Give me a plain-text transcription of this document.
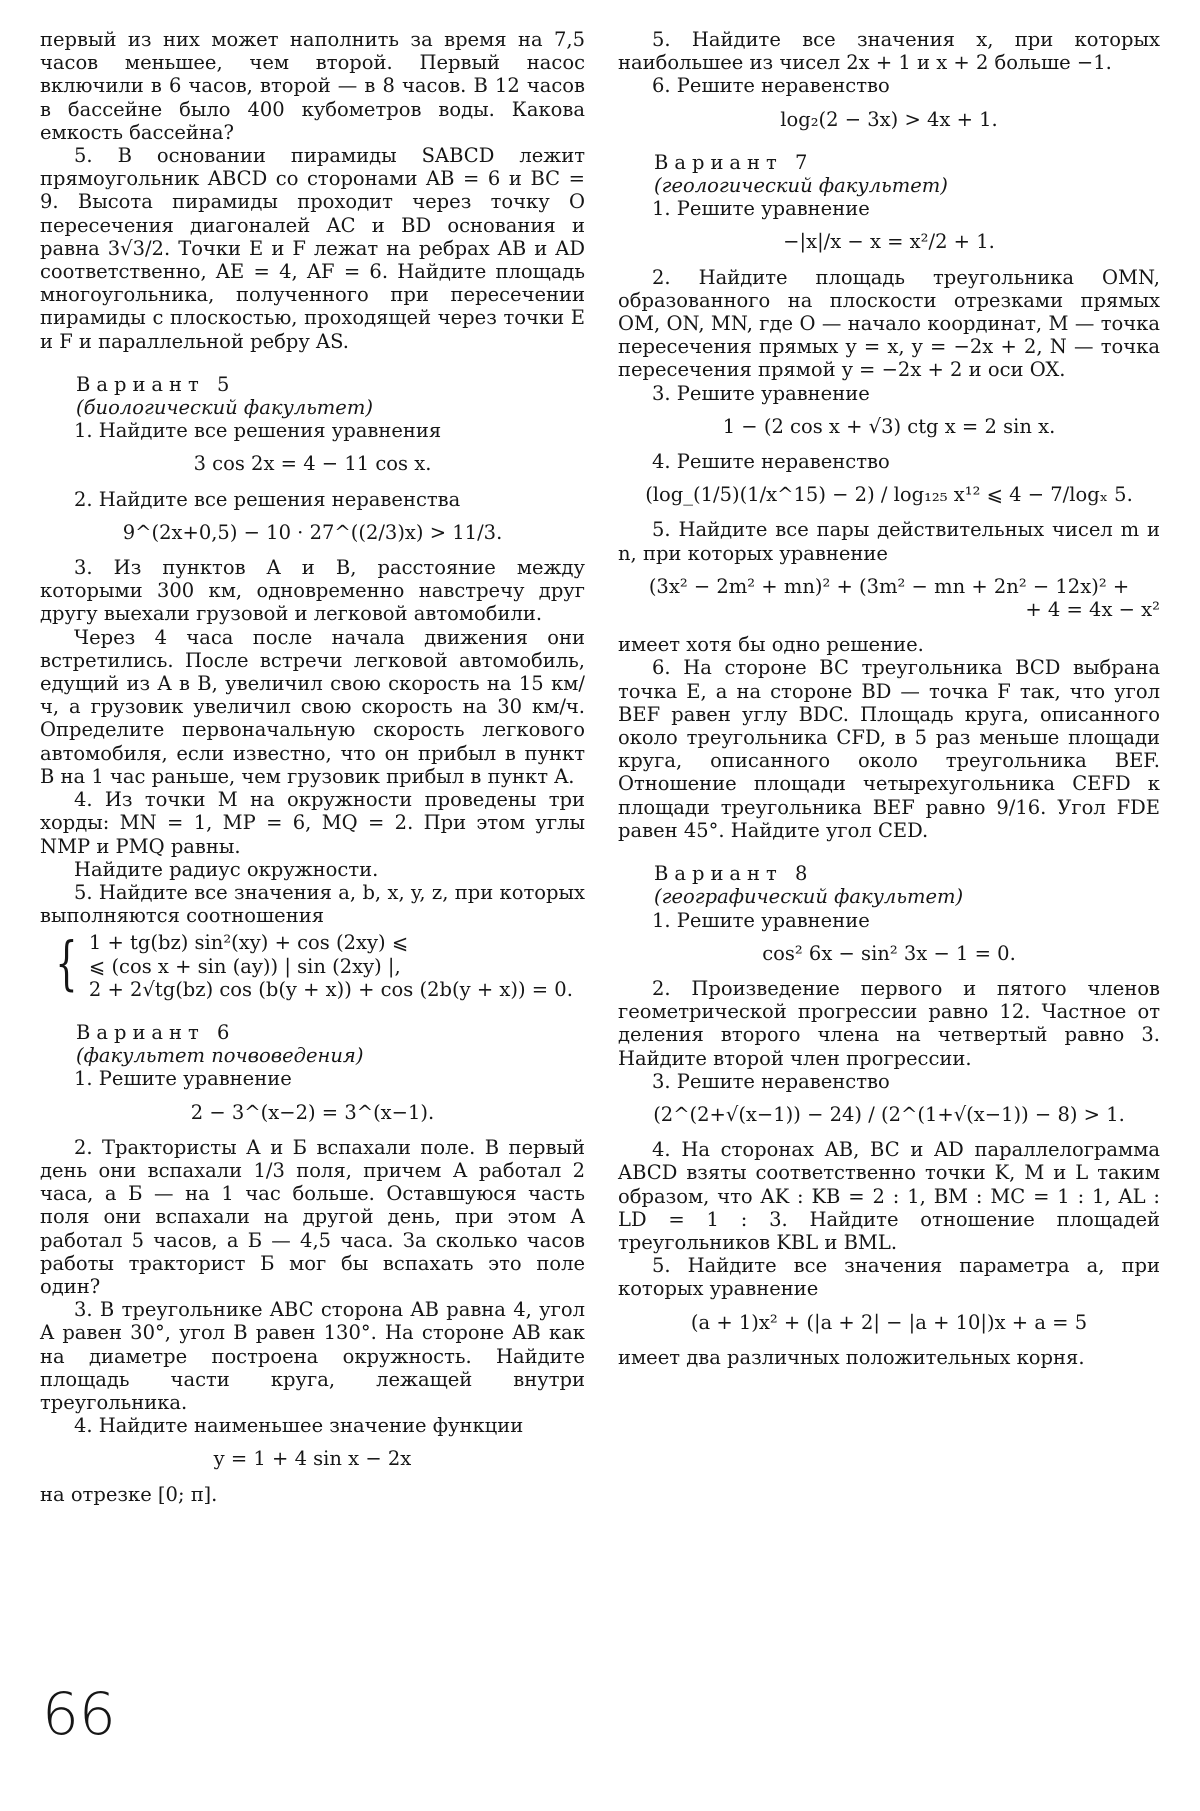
первый из них может наполнить за время на 7,5 часов меньшее, чем второй. Первый насос включили в 6 часов, второй — в 8 часов. В 12 часов в бассейне было 400 кубометров воды. Какова емкость бассейна?

5. В основании пирамиды SABCD лежит прямоугольник ABCD со сторонами AB = 6 и BC = 9. Высота пирамиды проходит через точку O пересечения диагоналей AC и BD основания и равна 3√3/2. Точки E и F лежат на ребрах AB и AD соответственно, AE = 4, AF = 6. Найдите площадь многоугольника, полученного при пересечении пирамиды с плоскостью, проходящей через точки E и F и параллельной ребру AS.

Вариант 5
(биологический факультет)

1. Найдите все решения уравнения

3 cos 2x = 4 − 11 cos x.

2. Найдите все решения неравенства

9^(2x+0,5) − 10 · 27^((2/3)x) > 11/3.

3. Из пунктов A и B, расстояние между которыми 300 км, одновременно навстречу друг другу выехали грузовой и легковой автомобили.

Через 4 часа после начала движения они встретились. После встречи легковой автомобиль, едущий из A в B, увеличил свою скорость на 15 км/ч, а грузовик увеличил свою скорость на 30 км/ч. Определите первоначальную скорость легкового автомобиля, если известно, что он прибыл в пункт B на 1 час раньше, чем грузовик прибыл в пункт A.

4. Из точки M на окружности проведены три хорды: MN = 1, MP = 6, MQ = 2. При этом углы NMP и PMQ равны.

Найдите радиус окружности.

5. Найдите все значения a, b, x, y, z, при которых выполняются соотношения

{ 1 + tg(bz) sin²(xy) + cos (2xy) ⩽
⩽ (cos x + sin (ay)) | sin (2xy) |,
2 + 2√tg(bz) cos (b(y + x)) + cos (2b(y + x)) = 0.
Вариант 6
(факультет почвоведения)

1. Решите уравнение

2 − 3^(x−2) = 3^(x−1).

2. Трактористы А и Б вспахали поле. В первый день они вспахали 1/3 поля, причем А работал 2 часа, а Б — на 1 час больше. Оставшуюся часть поля они вспахали на другой день, при этом А работал 5 часов, а Б — 4,5 часа. За сколько часов работы тракторист Б мог бы вспахать это поле один?

3. В треугольнике ABC сторона AB равна 4, угол A равен 30°, угол B равен 130°. На стороне AB как на диаметре построена окружность. Найдите площадь части круга, лежащей внутри треугольника.

4. Найдите наименьшее значение функции

y = 1 + 4 sin x − 2x

на отрезке [0; π].

5. Найдите все значения x, при которых наибольшее из чисел 2x + 1 и x + 2 больше −1.

6. Решите неравенство

log₂(2 − 3x) > 4x + 1.
Вариант 7
(геологический факультет)

1. Решите уравнение

−|x|/x − x = x²/2 + 1.

2. Найдите площадь треугольника OMN, образованного на плоскости отрезками прямых OM, ON, MN, где O — начало координат, M — точка пересечения прямых y = x, y = −2x + 2, N — точка пересечения прямой y = −2x + 2 и оси OX.

3. Решите уравнение

1 − (2 cos x + √3) ctg x = 2 sin x.

4. Решите неравенство

(log_(1/5)(1/x^15) − 2) / log₁₂₅ x¹² ⩽ 4 − 7/logₓ 5.

5. Найдите все пары действительных чисел m и n, при которых уравнение

(3x² − 2m² + mn)² + (3m² − mn + 2n² − 12x)² +
+ 4 = 4x − x²

имеет хотя бы одно решение.

6. На стороне BC треугольника BCD выбрана точка E, а на стороне BD — точка F так, что угол BEF равен углу BDC. Площадь круга, описанного около треугольника CFD, в 5 раз меньше площади круга, описанного около треугольника BEF. Отношение площади четырехугольника CEFD к площади треугольника BEF равно 9/16. Угол FDE равен 45°. Найдите угол CED.

Вариант 8
(географический факультет)

1. Решите уравнение

cos² 6x − sin² 3x − 1 = 0.

2. Произведение первого и пятого членов геометрической прогрессии равно 12. Частное от деления второго члена на четвертый равно 3. Найдите второй член прогрессии.

3. Решите неравенство

(2^(2+√(x−1)) − 24) / (2^(1+√(x−1)) − 8) > 1.

4. На сторонах AB, BC и AD параллелограмма ABCD взяты соответственно точки K, M и L таким образом, что AK : KB = 2 : 1, BM : MC = 1 : 1, AL : LD = 1 : 3. Найдите отношение площадей треугольников KBL и BML.

5. Найдите все значения параметра a, при которых уравнение

(a + 1)x² + (|a + 2| − |a + 10|)x + a = 5

имеет два различных положительных корня.

66
